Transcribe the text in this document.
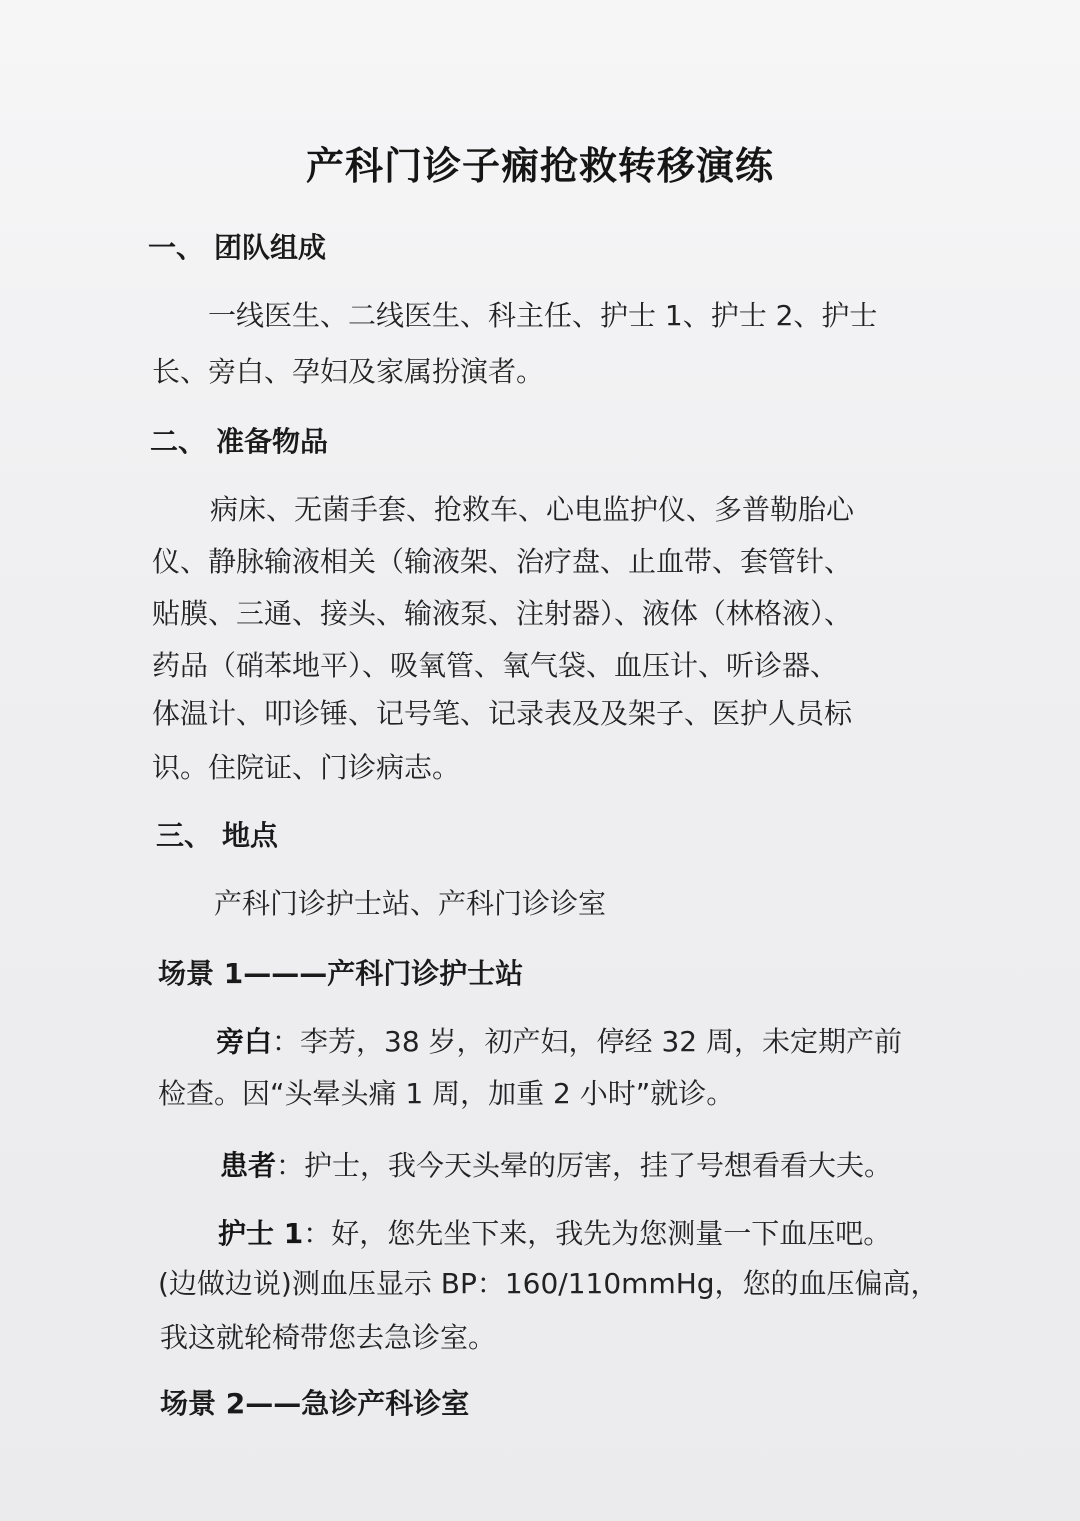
产科门诊子痫抢救转移演练
一、 团队组成
一线医生、二线医生、科主任、护士 1、护士 2、护士
长、旁白、孕妇及家属扮演者。
二、 准备物品
病床、无菌手套、抢救车、心电监护仪、多普勒胎心
仪、静脉输液相关（输液架、治疗盘、止血带、套管针、
贴膜、三通、接头、输液泵、注射器）、液体（林格液）、
药品（硝苯地平）、吸氧管、氧气袋、血压计、听诊器、
体温计、叩诊锤、记号笔、记录表及及架子、医护人员标
识。住院证、门诊病志。
三、 地点
产科门诊护士站、产科门诊诊室
场景 1———产科门诊护士站
旁白：李芳，38 岁，初产妇，停经 32 周，未定期产前
检查。因“头晕头痛 1 周，加重 2 小时”就诊。
患者：护士，我今天头晕的厉害，挂了号想看看大夫。
护士 1：好，您先坐下来，我先为您测量一下血压吧。
(边做边说)测血压显示 BP：160/110mmHg，您的血压偏高，
我这就轮椅带您去急诊室。
场景 2——急诊产科诊室
